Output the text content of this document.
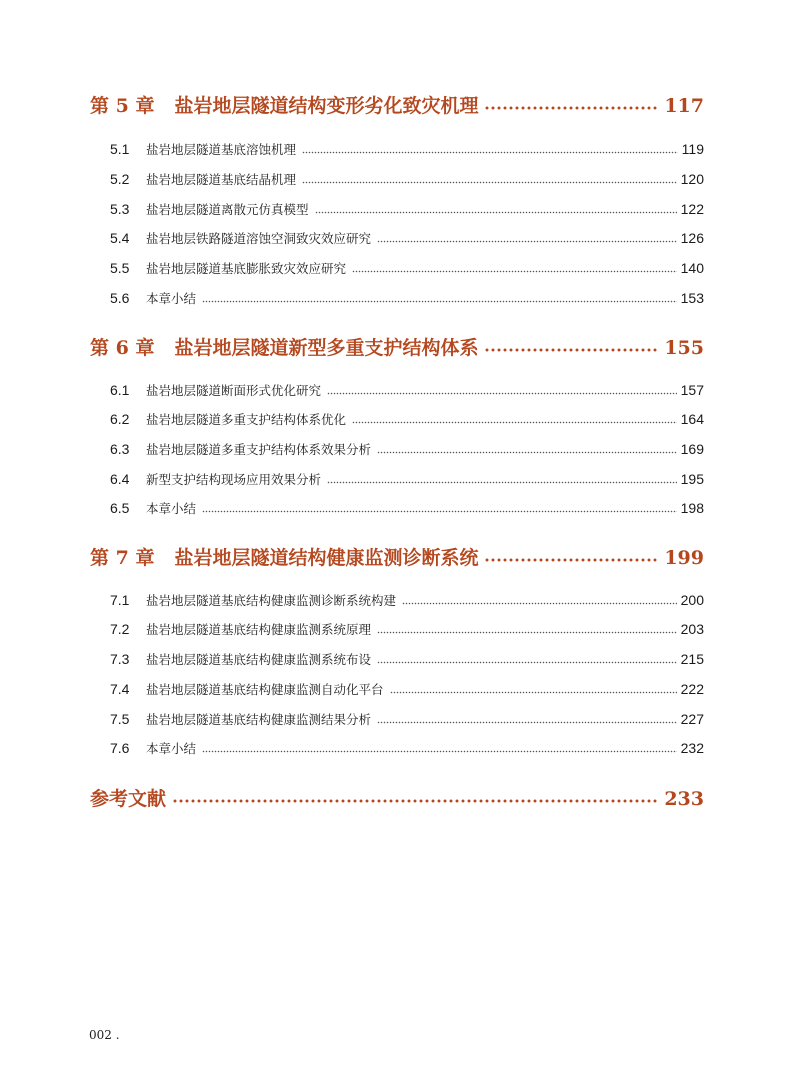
第 5 章 盐岩地层隧道结构变形劣化致灾机理	117
5.1	盐岩地层隧道基底溶蚀机理	119
5.2	盐岩地层隧道基底结晶机理	120
5.3	盐岩地层隧道离散元仿真模型	122
5.4	盐岩地层铁路隧道溶蚀空洞致灾效应研究	126
5.5	盐岩地层隧道基底膨胀致灾效应研究	140
5.6	本章小结	153
第 6 章 盐岩地层隧道新型多重支护结构体系	155
6.1	盐岩地层隧道断面形式优化研究	157
6.2	盐岩地层隧道多重支护结构体系优化	164
6.3	盐岩地层隧道多重支护结构体系效果分析	169
6.4	新型支护结构现场应用效果分析	195
6.5	本章小结	198
第 7 章 盐岩地层隧道结构健康监测诊断系统	199
7.1	盐岩地层隧道基底结构健康监测诊断系统构建	200
7.2	盐岩地层隧道基底结构健康监测系统原理	203
7.3	盐岩地层隧道基底结构健康监测系统布设	215
7.4	盐岩地层隧道基底结构健康监测自动化平台	222
7.5	盐岩地层隧道基底结构健康监测结果分析	227
7.6	本章小结	232
参考文献	233
002 .
